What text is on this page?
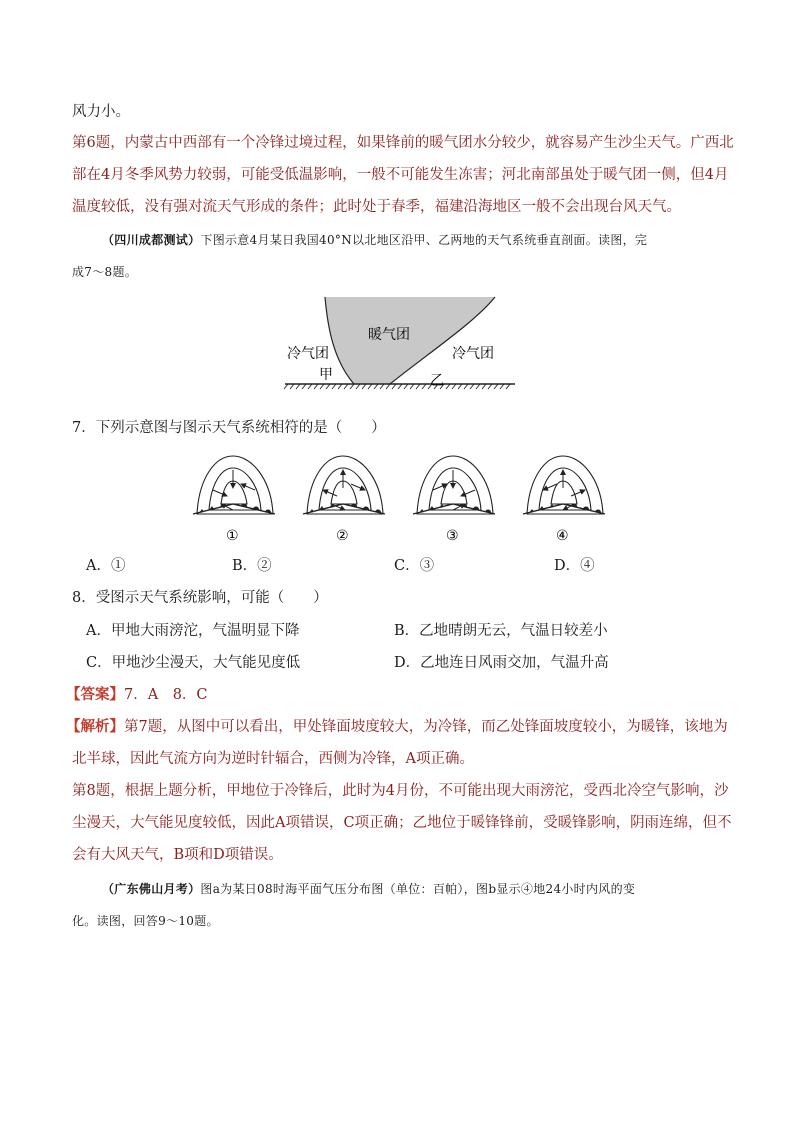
风力小。
第6题，内蒙古中西部有一个冷锋过境过程，如果锋前的暖气团水分较少，就容易产生沙尘天气。广西北
部在4月冬季风势力较弱，可能受低温影响，一般不可能发生冻害；河北南部虽处于暖气团一侧，但4月
温度较低，没有强对流天气形成的条件；此时处于春季，福建沿海地区一般不会出现台风天气。
（四川成都测试）下图示意4月某日我国40°N以北地区沿甲、乙两地的天气系统垂直剖面。读图，完
成7～8题。
暖气团
冷气团	冷气团
甲	乙
7．下列示意图与图示天气系统相符的是（　　）
①	②	③	④
A．①	B．②	C．③	D．④
8．受图示天气系统影响，可能（　　）
A．甲地大雨滂沱，气温明显下降	B．乙地晴朗无云，气温日较差小
C．甲地沙尘漫天，大气能见度低	D．乙地连日风雨交加，气温升高
【答案】7．A　8．C
【解析】第7题，从图中可以看出，甲处锋面坡度较大，为冷锋，而乙处锋面坡度较小，为暖锋，该地为
北半球，因此气流方向为逆时针辐合，西侧为冷锋，A项正确。
第8题，根据上题分析，甲地位于冷锋后，此时为4月份，不可能出现大雨滂沱，受西北冷空气影响，沙
尘漫天，大气能见度较低，因此A项错误，C项正确；乙地位于暖锋锋前，受暖锋影响，阴雨连绵，但不
会有大风天气，B项和D项错误。
（广东佛山月考）图a为某日08时海平面气压分布图（单位：百帕），图b显示④地24小时内风的变
化。读图，回答9～10题。
